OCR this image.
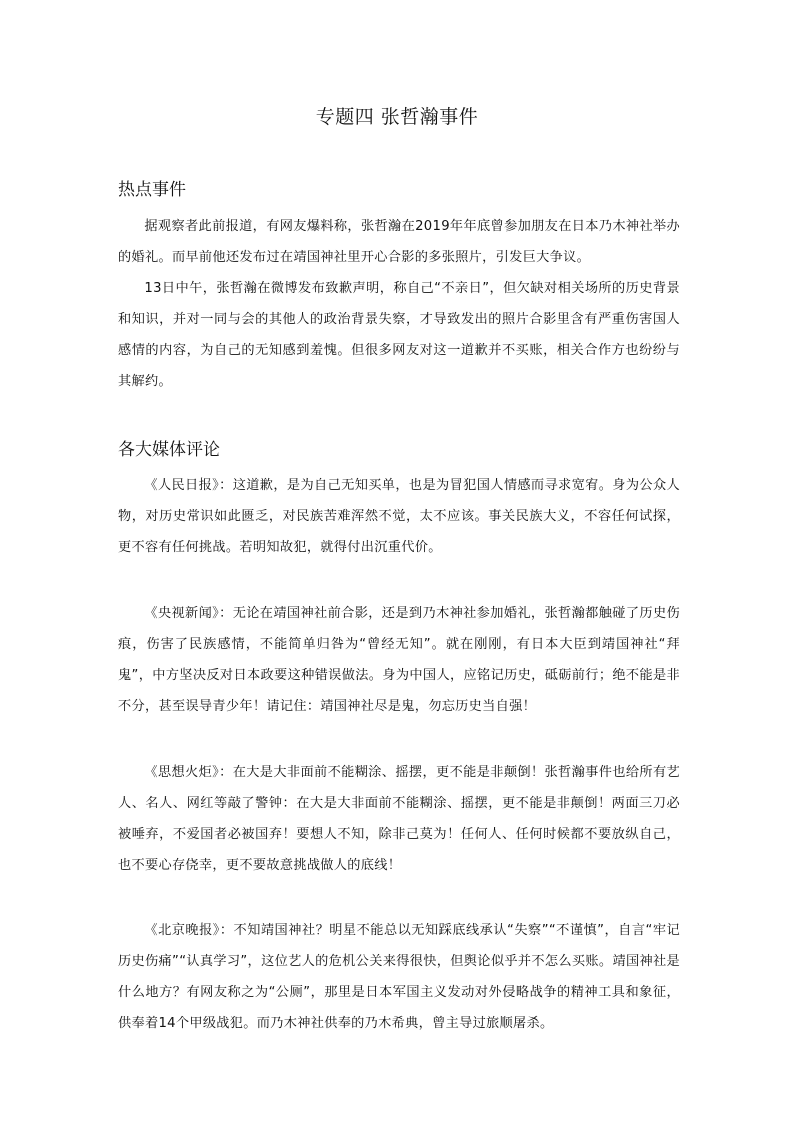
专题四 张哲瀚事件
热点事件

据观察者此前报道，有网友爆料称，张哲瀚在2019年年底曾参加朋友在日本乃木神社举办的婚礼。而早前他还发布过在靖国神社里开心合影的多张照片，引发巨大争议。

13日中午，张哲瀚在微博发布致歉声明，称自己“不亲日”，但欠缺对相关场所的历史背景和知识，并对一同与会的其他人的政治背景失察，才导致发出的照片合影里含有严重伤害国人感情的内容，为自己的无知感到羞愧。但很多网友对这一道歉并不买账，相关合作方也纷纷与其解约。

各大媒体评论

《人民日报》：这道歉，是为自己无知买单，也是为冒犯国人情感而寻求宽宥。身为公众人物，对历史常识如此匮乏，对民族苦难浑然不觉，太不应该。事关民族大义，不容任何试探，更不容有任何挑战。若明知故犯，就得付出沉重代价。

《央视新闻》：无论在靖国神社前合影，还是到乃木神社参加婚礼，张哲瀚都触碰了历史伤痕，伤害了民族感情，不能简单归咎为“曾经无知”。就在刚刚，有日本大臣到靖国神社“拜鬼”，中方坚决反对日本政要这种错误做法。身为中国人，应铭记历史，砥砺前行；绝不能是非不分，甚至误导青少年！请记住：靖国神社尽是鬼，勿忘历史当自强！

《思想火炬》：在大是大非面前不能糊涂、摇摆，更不能是非颠倒！张哲瀚事件也给所有艺人、名人、网红等敲了警钟：在大是大非面前不能糊涂、摇摆，更不能是非颠倒！两面三刀必被唾弃，不爱国者必被国弃！要想人不知，除非己莫为！任何人、任何时候都不要放纵自己，也不要心存侥幸，更不要故意挑战做人的底线！

《北京晚报》：不知靖国神社？明星不能总以无知踩底线承认“失察”“不谨慎”，自言“牢记历史伤痛”“认真学习”，这位艺人的危机公关来得很快，但舆论似乎并不怎么买账。靖国神社是什么地方？有网友称之为“公厕”，那里是日本军国主义发动对外侵略战争的精神工具和象征，供奉着14个甲级战犯。而乃木神社供奉的乃木希典，曾主导过旅顺屠杀。
